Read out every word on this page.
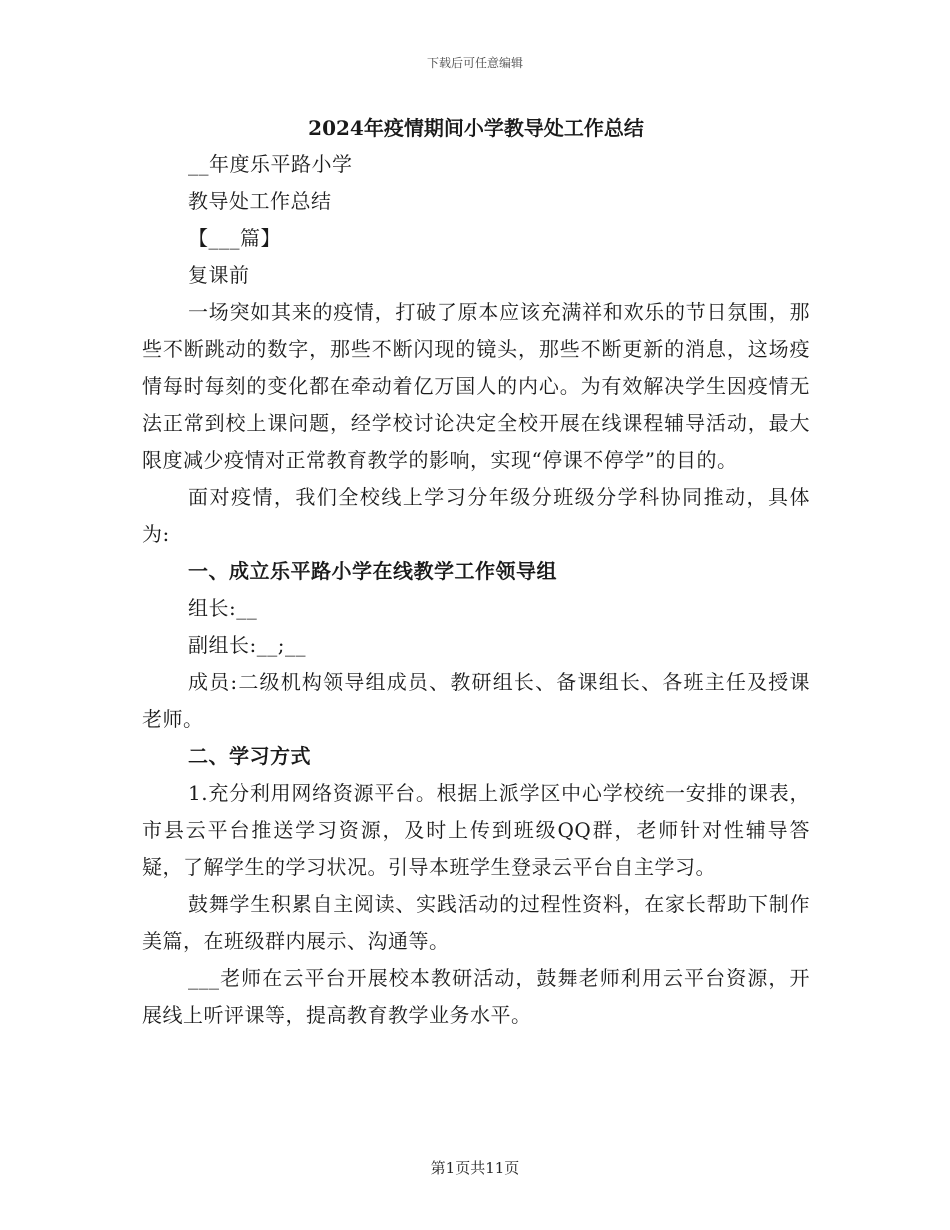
下载后可任意编辑
2024年疫情期间小学教导处工作总结

__年度乐平路小学

教导处工作总结

【___篇】

复课前

一场突如其来的疫情，打破了原本应该充满祥和欢乐的节日氛围，那些不断跳动的数字，那些不断闪现的镜头，那些不断更新的消息，这场疫情每时每刻的变化都在牵动着亿万国人的内心。为有效解决学生因疫情无法正常到校上课问题，经学校讨论决定全校开展在线课程辅导活动，最大限度减少疫情对正常教育教学的影响，实现“停课不停学”的目的。

面对疫情，我们全校线上学习分年级分班级分学科协同推动，具体为:

一、成立乐平路小学在线教学工作领导组

组长:__

副组长:__;__

成员:二级机构领导组成员、教研组长、备课组长、各班主任及授课老师。

二、学习方式

1.充分利用网络资源平台。根据上派学区中心学校统一安排的课表，市县云平台推送学习资源，及时上传到班级QQ群，老师针对性辅导答疑，了解学生的学习状况。引导本班学生登录云平台自主学习。

鼓舞学生积累自主阅读、实践活动的过程性资料，在家长帮助下制作美篇，在班级群内展示、沟通等。

___老师在云平台开展校本教研活动，鼓舞老师利用云平台资源，开展线上听评课等，提高教育教学业务水平。

第1页共11页
